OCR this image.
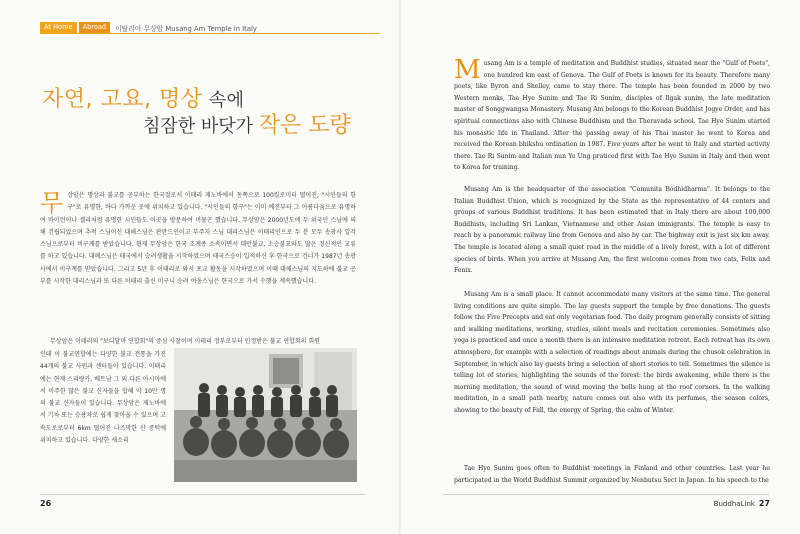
At Home	Abroad	이탈리아 무상암 Musang Am Temple in Italy
자연, 고요, 명상 속에
침잠한 바닷가 작은 도량
무상암은 명상과 불교를 공부하는 한국절로서 이태리 제노바에서 동쪽으로 100킬로미터 떨어진, "시인들의 항구"로 유명한, 바다 가까운 곳에 위치하고 있습니다. "시인들의 항구"는 이미 예전부터 그 아름다움으로 유명하여 바이런이나 셸리처럼 유명한 시인들도 이곳을 방문하여 머물곤 했습니다. 무상암은 2000년도에 두 외국인 스님에 의해 건립되었으며 추적 스님이신 대해스님은 판란드인이고 부주지 스님 대리스님은 이태리인으로 두 분 모두 송광사 일각스님으로부터 비구계를 받았습니다. 현재 무상암은 한국 조계종 소속이면서 대만불교, 소승불교와도 많은 정신적인 교류를 하고 있습니다. 대해스님은 태국에서 승려생활을 시작하였으며 태국스승이 입적하신 후 한국으로 건너가 1987년 송광사에서 비구계를 받았습니다. 그리고 5년 후 이태리로 와서 포교 활동을 시작하였으며 이때 대해스님의 지도하에 불교 공부를 시작한 대리스님과 또 다른 이태리 출신 미구니 승려 여웅스님은 한국으로 가서 수행을 계속했습니다.
무상암은 이태리의 "보디달마 연합회"의 중심 사찰이며 이태리 정부로부터 인정받은 불교 연합회의 회원
인데 이 불교연합에는 다양한 불교 전통을 가진 44개의 불교 사원과 센터들이 있습니다. 이태리에는 현재 스리랑카, 베트남 그 외 다른 아시아에서 이주한 많은 불교 신자들을 합해 약 10만 명의 불교 신자들이 있습니다. 무상암은 제노바에서 기차 또는 승용차로 쉽게 찾아올 수 있으며 고속도로로부터 6km 떨어진 나즈막한 산 중턱에 위치하고 있습니다. 다양한 새소리
Musang Am is a temple of meditation and Buddhist studies, situated near the "Gulf of Poets", one hundred km east of Genova. The Gulf of Poets is known for its beauty. Therefore many poets, like Byron and Shelley, came to stay there. The temple has been founded in 2000 by two Western monks, Tae Hye Sunim and Tae Ri Sunim, disciples of Ilgak sunim, the late meditation master of Songgwangsa Monastery. Musang Am belongs to the Korean Buddhist Jogye Order, and has spiritual connections also with Chinese Buddhism and the Theravada school. Tae Hye Sunim started his monastic life in Thailand. After the passing away of his Thai master he went to Korea and received the Korean bhikshu ordination in 1987. Five years after he went to Italy and started activity there. Tae Ri Sunim and Italian nun Yo Ung pratiсed first with Tae Hye Sunim in Italy and then went to Korea for training.
Musang Am is the headquarter of the association "Comunita Bodhidharma". It belongs to the Italian Buddhist Union, which is recognized by the State as the representative of 44 centers and groups of various Buddhist traditions. It has been estimated that in Italy there are about 100,000 Buddhists, including Sri Lankan, Vietnamese and other Asian immigrants. The temple is easy to reach by a panoramic railway line from Genova and also by car. The highway exit is just six km away. The temple is located along a small quiet road in the middle of a lively forest, with a lot of different species of birds. When you arrive at Musang Am, the first welcome comes from two cats, Felix and Fenix.
Musang Am is a small place. It cannot accommodate many visitors at the same time. The general living conditions are quite simple. The lay guests support the temple by free donations. The guests follow the Five Precepts and eat only vegetarian food. The daily program generally consists of sitting and walking meditations, working, studies, silent meals and recitation ceremonies. Sometimes also yoga is practiced and once a month there is an intensive meditation retreat. Each retreat has its own atmosphere, for example with a selection of readings about animals during the chusok celebration in September, in which also lay guests bring a selection of short stories to tell. Sometimes the silence is telling lot of stories, highlighting the sounds of the forest: the birds awakening, while there is the morning meditation, the sound of wind moving the bells hung at the roof corners. In the walking meditation, in a small path nearby, nature comes out also with its perfumes, the season colors, showing to the beauty of Fall, the energy of Spring, the calm of Winter.
Tae Hye Sunim goes often to Buddhist meetings in Finland and other countries. Last year he participated in the World Buddhist Summit organized by Nenbutsu Sect in Japan. In his speech to the
26	BuddhaLink 27
